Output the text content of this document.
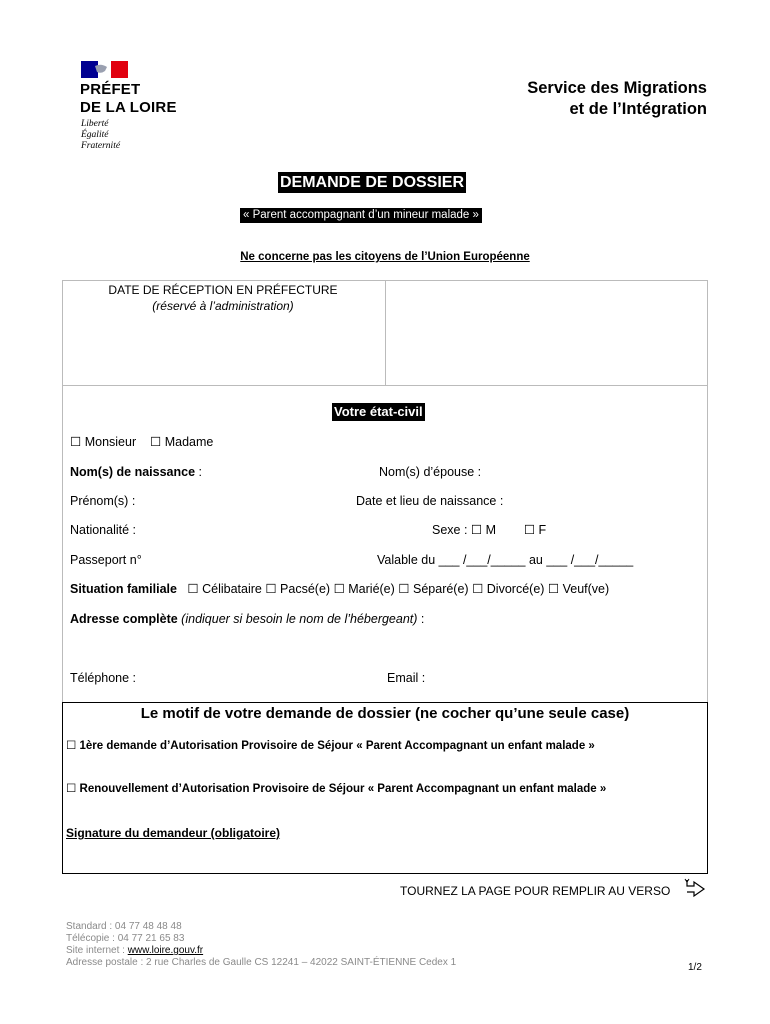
PRÉFET
DE LA LOIRE
Liberté
Égalité
Fraternité
Service des Migrations
et de l’Intégration
DEMANDE DE DOSSIER
« Parent accompagnant d’un mineur malade »
Ne concerne pas les citoyens de l’Union Européenne
DATE DE RÉCEPTION EN PRÉFECTURE
(réservé à l’administration)
Votre état-civil
☐ Monsieur ☐ Madame
Nom(s) de naissance :	Nom(s) d’épouse :
Prénom(s) :	Date et lieu de naissance :
Nationalité :	Sexe : ☐ M ☐ F
Passeport n°	Valable du ___ /___/_____ au ___ /___/_____
Situation familiale ☐ Célibataire ☐ Pacsé(e) ☐ Marié(e) ☐ Séparé(e) ☐ Divorcé(e) ☐ Veuf(ve)
Adresse complète (indiquer si besoin le nom de l’hébergeant) :
Téléphone :	Email :
Le motif de votre demande de dossier (ne cocher qu’une seule case)
☐ 1ère demande d’Autorisation Provisoire de Séjour « Parent Accompagnant un enfant malade »
☐ Renouvellement d’Autorisation Provisoire de Séjour « Parent Accompagnant un enfant malade »
Signature du demandeur (obligatoire)
TOURNEZ LA PAGE POUR REMPLIR AU VERSO
Standard : 04 77 48 48 48
Télécopie : 04 77 21 65 83
Site internet : www.loire.gouv.fr
Adresse postale : 2 rue Charles de Gaulle CS 12241 – 42022 SAINT-ÉTIENNE Cedex 1	1/2
